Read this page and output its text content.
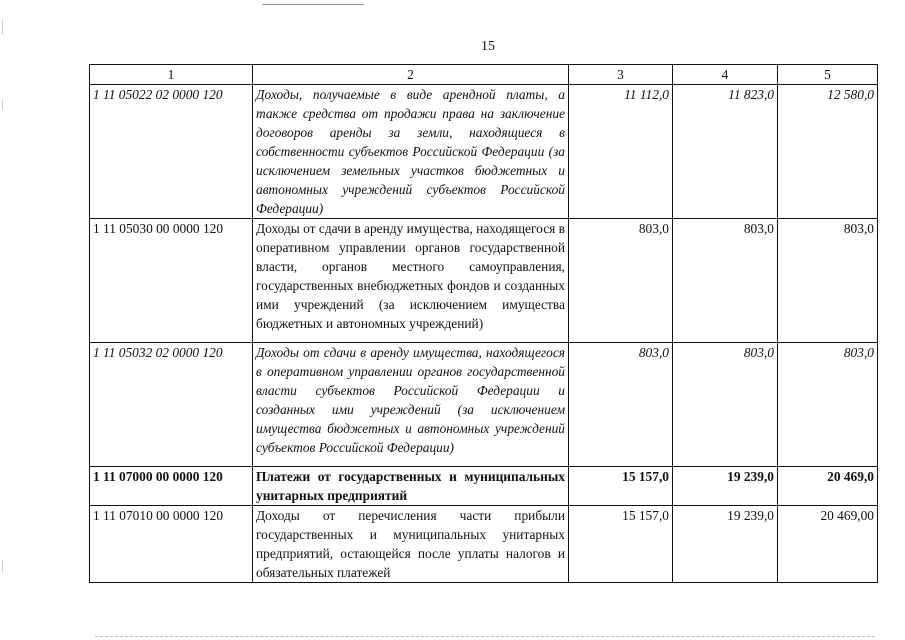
15
1	2	3	4	5
1 11 05022 02 0000 120	Доходы, получаемые в виде арендной платы, а также средства от продажи права на заключение договоров аренды за земли, находящиеся в собственности субъектов Российской Федерации (за исключением земельных участков бюджетных и автономных учреждений субъектов Российской Федерации)	11 112,0	11 823,0	12 580,0
1 11 05030 00 0000 120	Доходы от сдачи в аренду имущества, находящегося в оперативном управлении органов государственной власти, органов местного самоуправления, государственных внебюджетных фондов и созданных ими учреждений (за исключением имущества бюджетных и автономных учреждений)	803,0	803,0	803,0
1 11 05032 02 0000 120	Доходы от сдачи в аренду имущества, находящегося в оперативном управлении органов государственной власти субъектов Российской Федерации и созданных ими учреждений (за исключением имущества бюджетных и автономных учреждений субъектов Российской Федерации)	803,0	803,0	803,0
1 11 07000 00 0000 120	Платежи от государственных и муниципальных унитарных предприятий	15 157,0	19 239,0	20 469,0
1 11 07010 00 0000 120	Доходы от перечисления части прибыли государственных и муниципальных унитарных предприятий, остающейся после уплаты налогов и обязательных платежей	15 157,0	19 239,0	20 469,00
